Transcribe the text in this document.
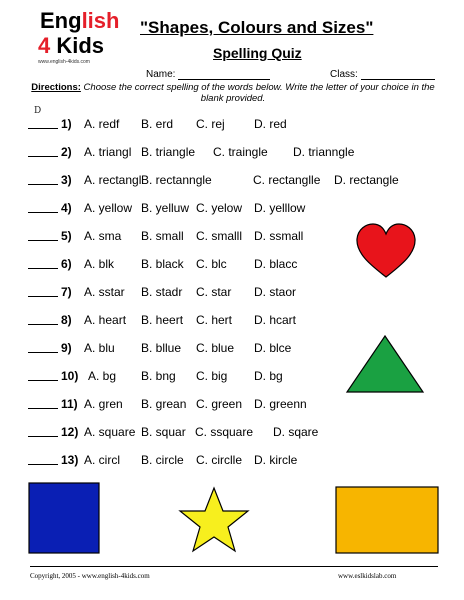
English
4 Kids
www.english-4kids.com
"Shapes, Colours and Sizes"
Spelling Quiz
Name:	Class:
Directions: Choose the correct spelling of the words below. Write the letter of your choice in the blank provided.
D
1) A. redf B. erd C. rej D. red
2) A. triangl B. triangle C. traingle D. trianngle
3) A. rectangl B. rectanngle	C. rectanglle D. rectangle
4) A. yellow B. yelluw C. yelow D. yelllow
5) A. sma B. small C. smalll D. ssmall
6) A. blk B. black C. blc D. blacc
7) A. sstar B. stadr C. star D. staor
8) A. heart B. heert C. hert D. hcart
9) A. blu B. bllue C. blue D. blce
10) A. bg B. bng C. big D. bg
11) A. gren B. grean C. green D. greenn
12) A. square B. squar C. ssquare D. sqare
13) A. circl B. circle C. circlle D. kircle
Copyright, 2005 - www.english-4kids.com	www.eslkidslab.com
